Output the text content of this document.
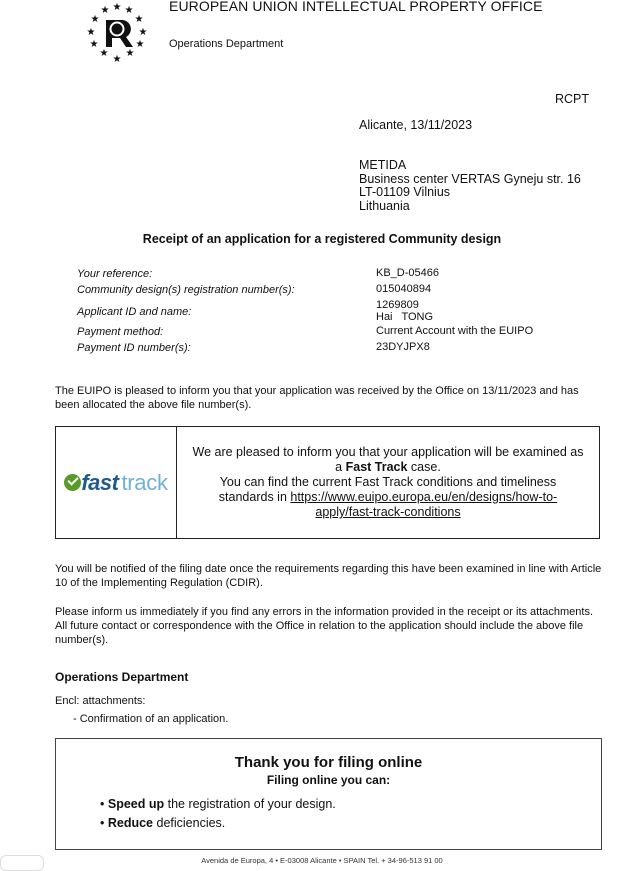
★
★ ★
★	★
★	★
★	★
★ ★
★
EUROPEAN UNION INTELLECTUAL PROPERTY OFFICE
Operations Department
RCPT
Alicante, 13/11/2023
METIDA
Business center VERTAS Gyneju str. 16
LT-01109 Vilnius
Lithuania
Receipt of an application for a registered Community design
Your reference:	KB_D-05466
Community design(s) registration number(s):	015040894
Applicant ID and name:
1269809
Hai   TONG
Payment method:	Current Account with the EUIPO
Payment ID number(s):	23DYJPX8
The EUIPO is pleased to inform you that your application was received by the Office on 13/11/2023 and has been allocated the above file number(s).
fast track
We are pleased to inform you that your application will be examined as
a Fast Track case.
You can find the current Fast Track conditions and timeliness
standards in https://www.euipo.europa.eu/en/designs/how-to-
apply/fast-track-conditions
You will be notified of the filing date once the requirements regarding this have been examined in line with Article 10 of the Implementing Regulation (CDIR).
Please inform us immediately if you find any errors in the information provided in the receipt or its attachments. All future contact or correspondence with the Office in relation to the application should include the above file number(s).
Operations Department
Encl: attachments:
- Confirmation of an application.
Thank you for filing online
Filing online you can:
• Speed up the registration of your design.
• Reduce deficiencies.
Avenida de Europa, 4 • E-03008 Alicante • SPAIN Tel. + 34-96-513 91 00
